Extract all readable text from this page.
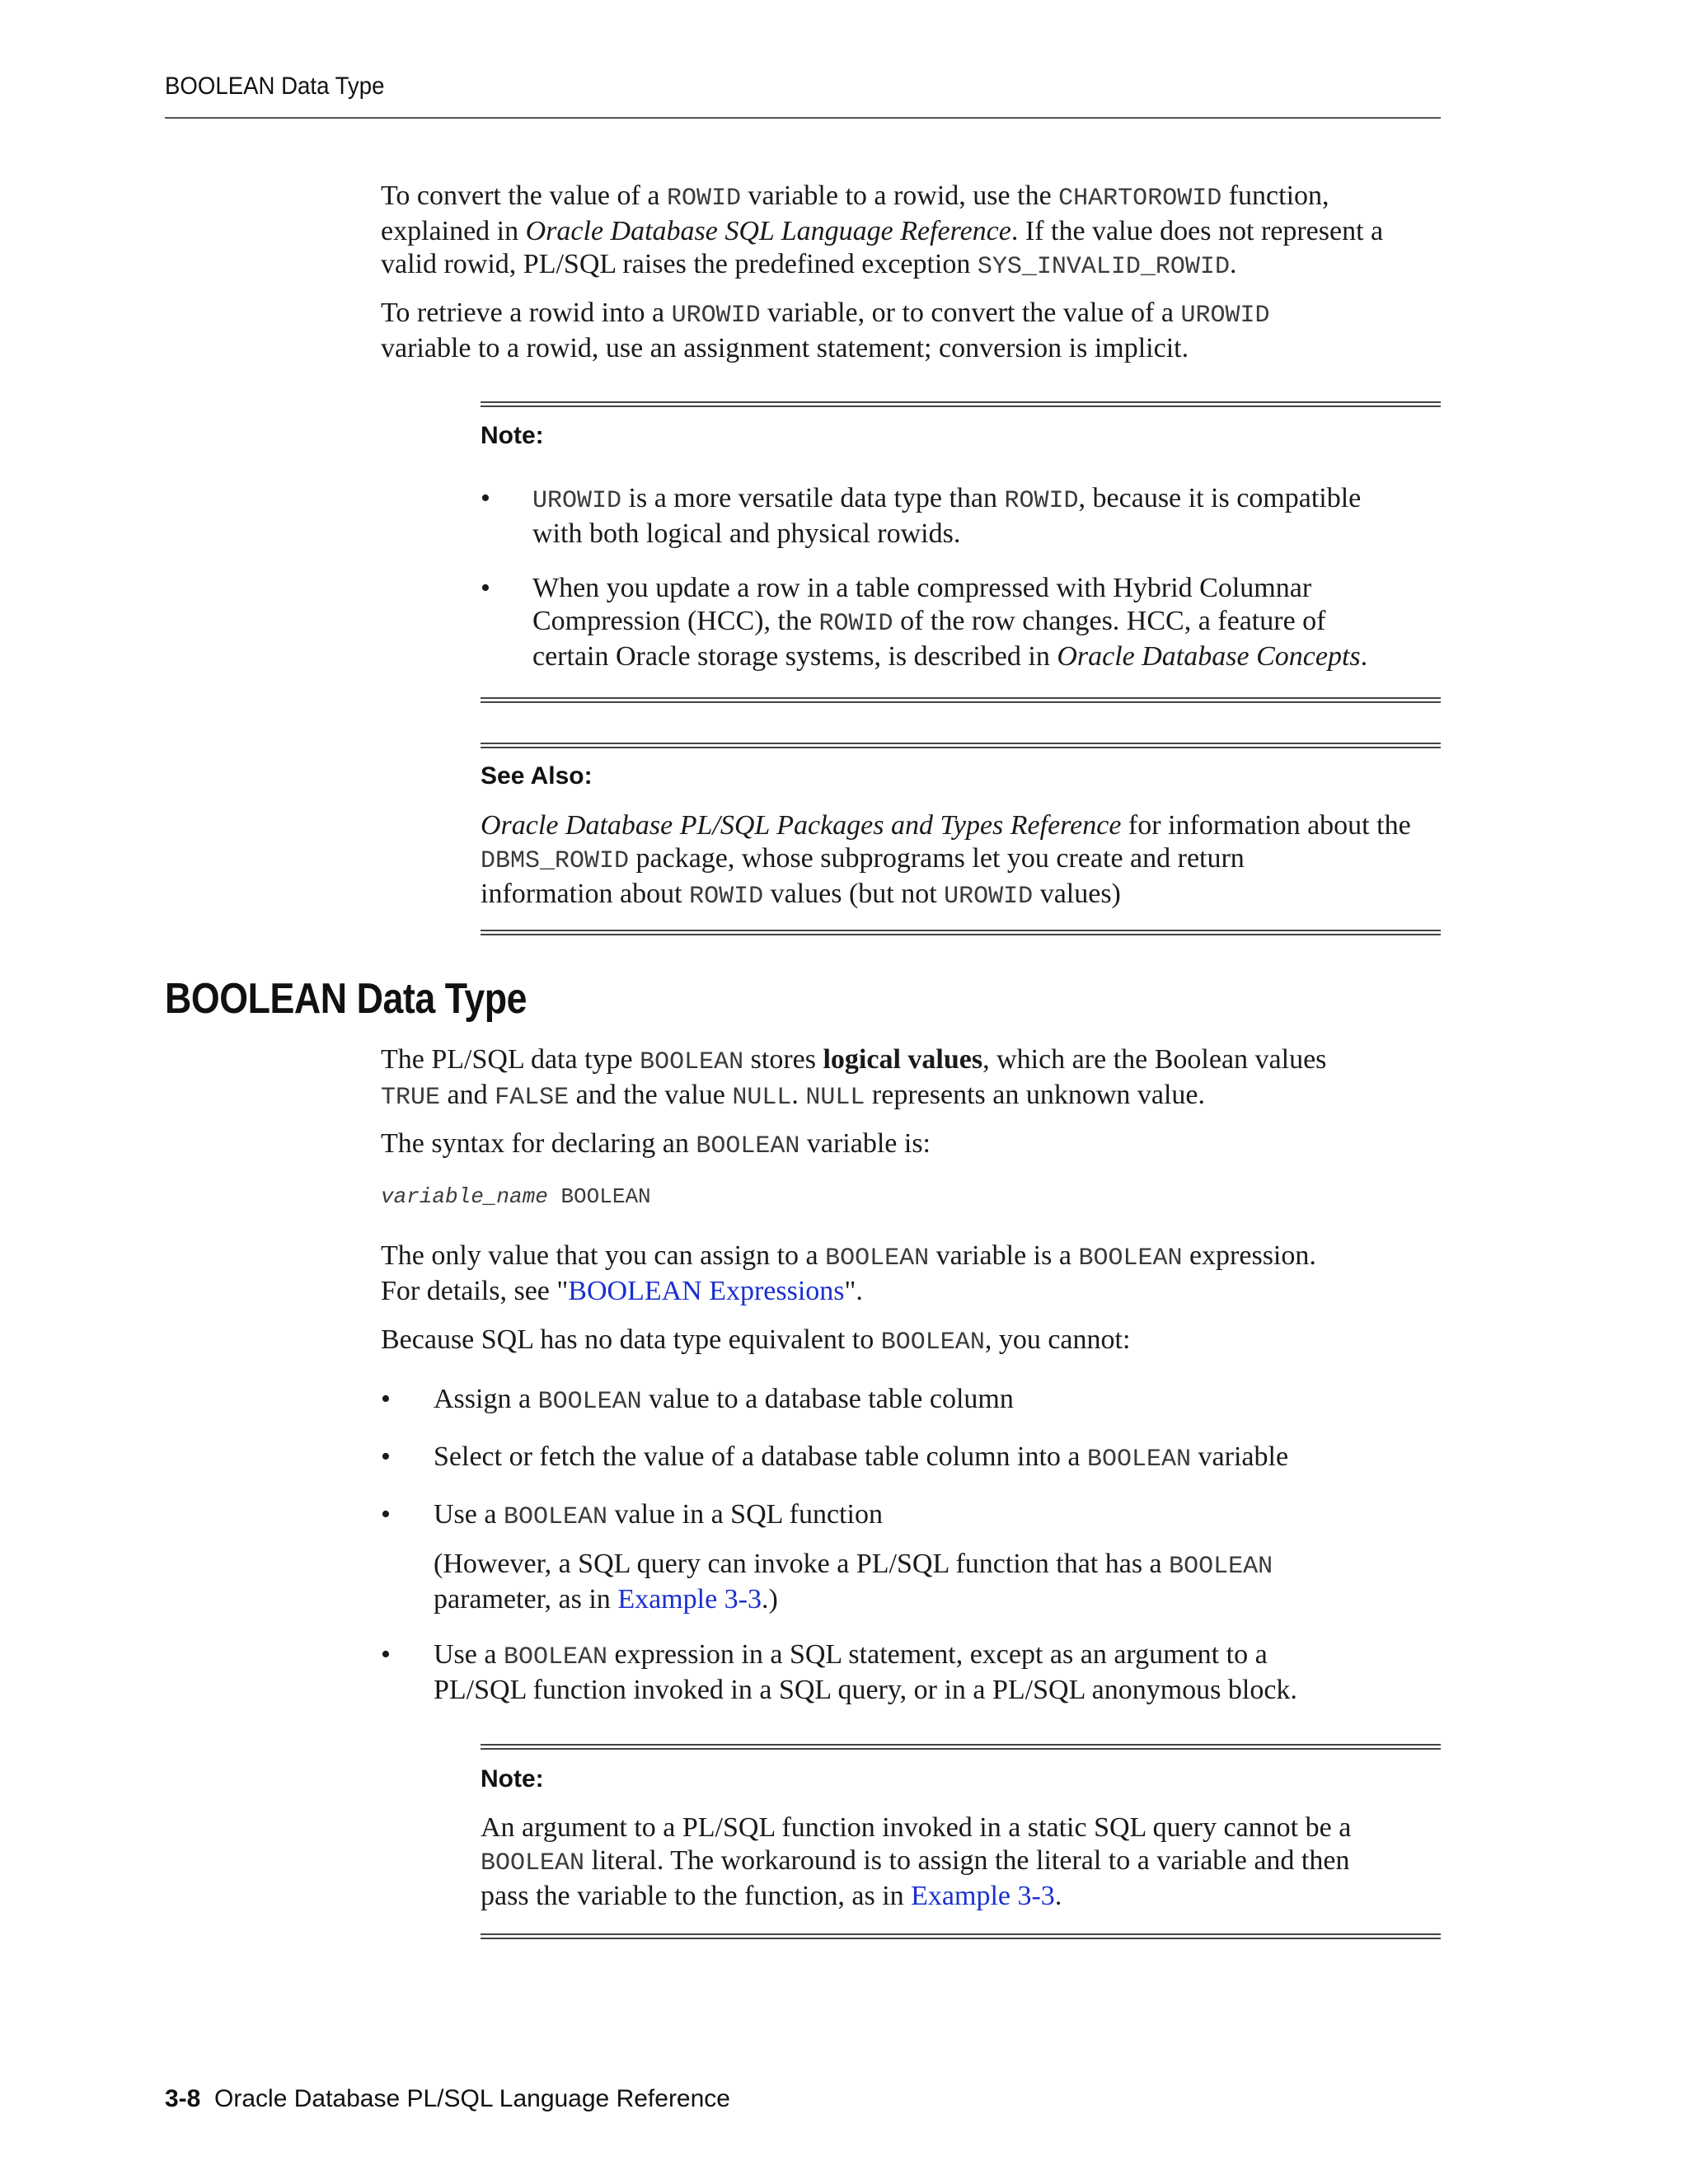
BOOLEAN Data Type
To convert the value of a ROWID variable to a rowid, use the CHARTOROWID function,
explained in Oracle Database SQL Language Reference. If the value does not represent a
valid rowid, PL/SQL raises the predefined exception SYS_INVALID_ROWID.
To retrieve a rowid into a UROWID variable, or to convert the value of a UROWID
variable to a rowid, use an assignment statement; conversion is implicit.
Note:
• UROWID is a more versatile data type than ROWID, because it is compatible
with both logical and physical rowids.
• When you update a row in a table compressed with Hybrid Columnar
Compression (HCC), the ROWID of the row changes. HCC, a feature of
certain Oracle storage systems, is described in Oracle Database Concepts.
See Also:
Oracle Database PL/SQL Packages and Types Reference for information about the
DBMS_ROWID package, whose subprograms let you create and return
information about ROWID values (but not UROWID values)
BOOLEAN Data Type
The PL/SQL data type BOOLEAN stores logical values, which are the Boolean values
TRUE and FALSE and the value NULL. NULL represents an unknown value.
The syntax for declaring an BOOLEAN variable is:
variable_name BOOLEAN
The only value that you can assign to a BOOLEAN variable is a BOOLEAN expression.
For details, see "BOOLEAN Expressions".
Because SQL has no data type equivalent to BOOLEAN, you cannot:
• Assign a BOOLEAN value to a database table column
• Select or fetch the value of a database table column into a BOOLEAN variable
• Use a BOOLEAN value in a SQL function
(However, a SQL query can invoke a PL/SQL function that has a BOOLEAN
parameter, as in Example 3-3.)
• Use a BOOLEAN expression in a SQL statement, except as an argument to a
PL/SQL function invoked in a SQL query, or in a PL/SQL anonymous block.
Note:
An argument to a PL/SQL function invoked in a static SQL query cannot be a
BOOLEAN literal. The workaround is to assign the literal to a variable and then
pass the variable to the function, as in Example 3-3.
3-8 Oracle Database PL/SQL Language Reference
